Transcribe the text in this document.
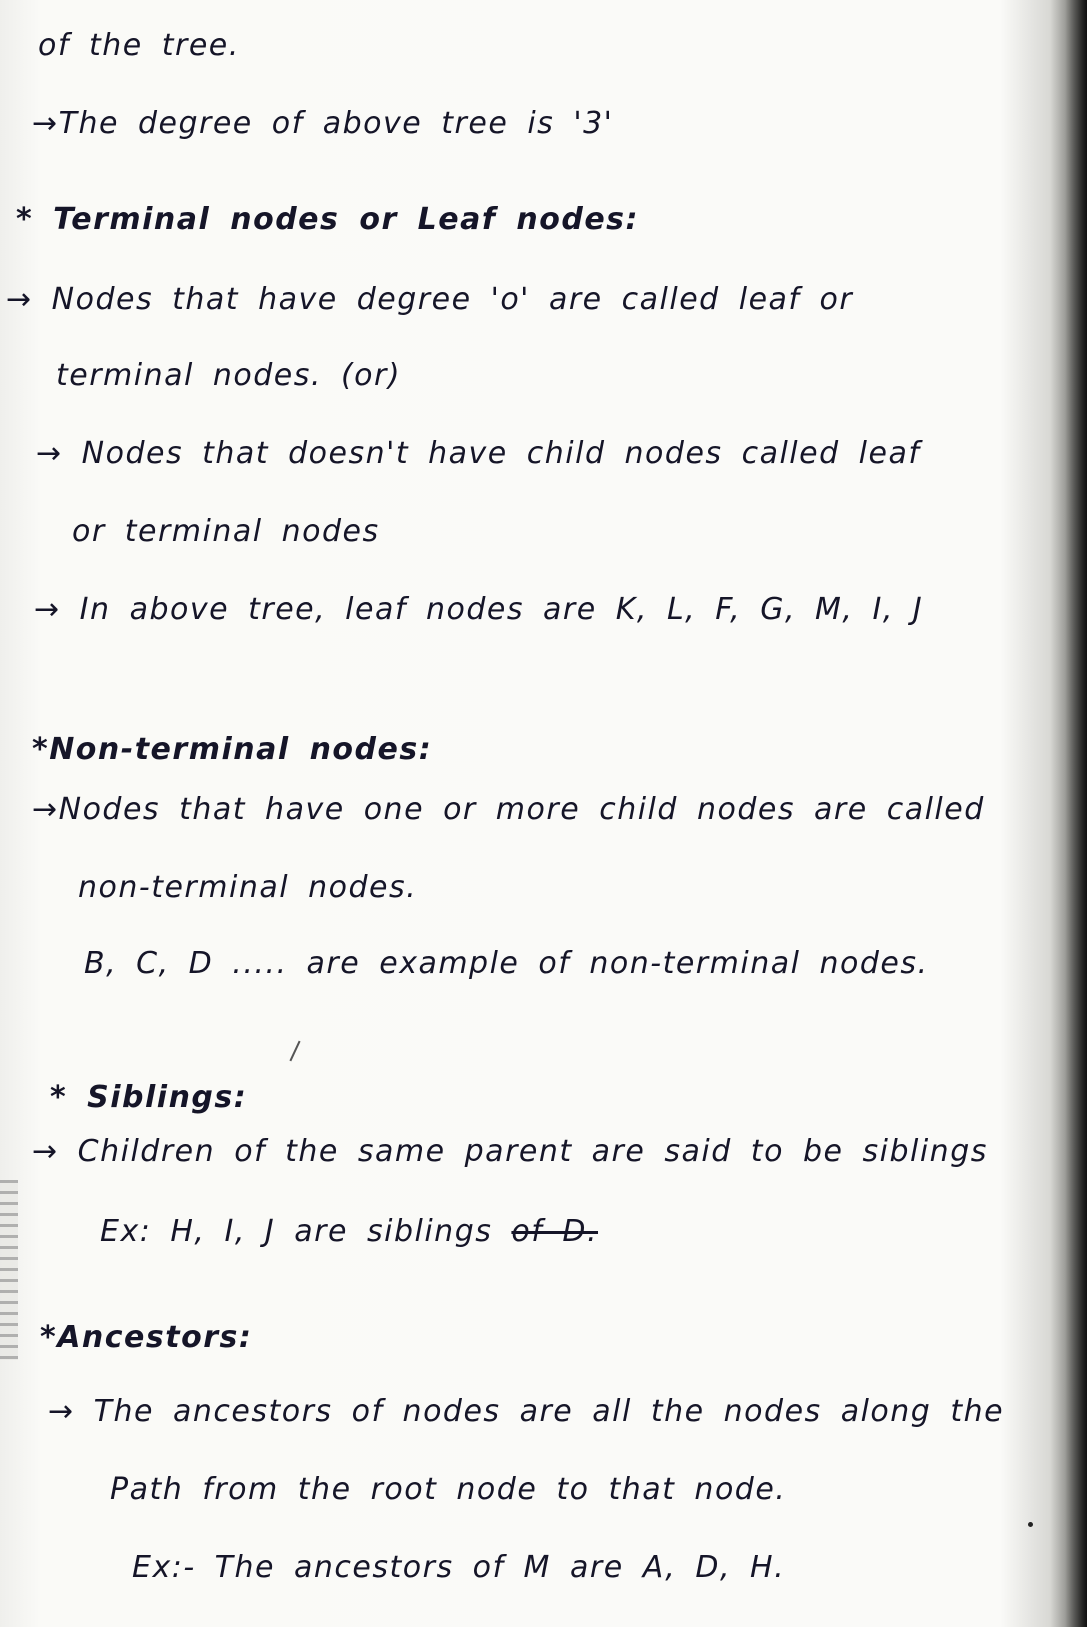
of the tree.
→The degree of above tree is '3'
* Terminal nodes or Leaf nodes:
→ Nodes that have degree 'o' are called leaf or
terminal nodes. (or)
→ Nodes that doesn't have child nodes called leaf
or terminal nodes
→ In above tree, leaf nodes are K, L, F, G, M, I, J
*Non-terminal nodes:
→Nodes that have one or more child nodes are called
non-terminal nodes.
B, C, D ..... are example of non-terminal nodes.
* Siblings:
→ Children of the same parent are said to be siblings
Ex: H, I, J are siblings of D.
*Ancestors:
→ The ancestors of nodes are all the nodes along the
Path from the root node to that node.
Ex:- The ancestors of M are A, D, H.
